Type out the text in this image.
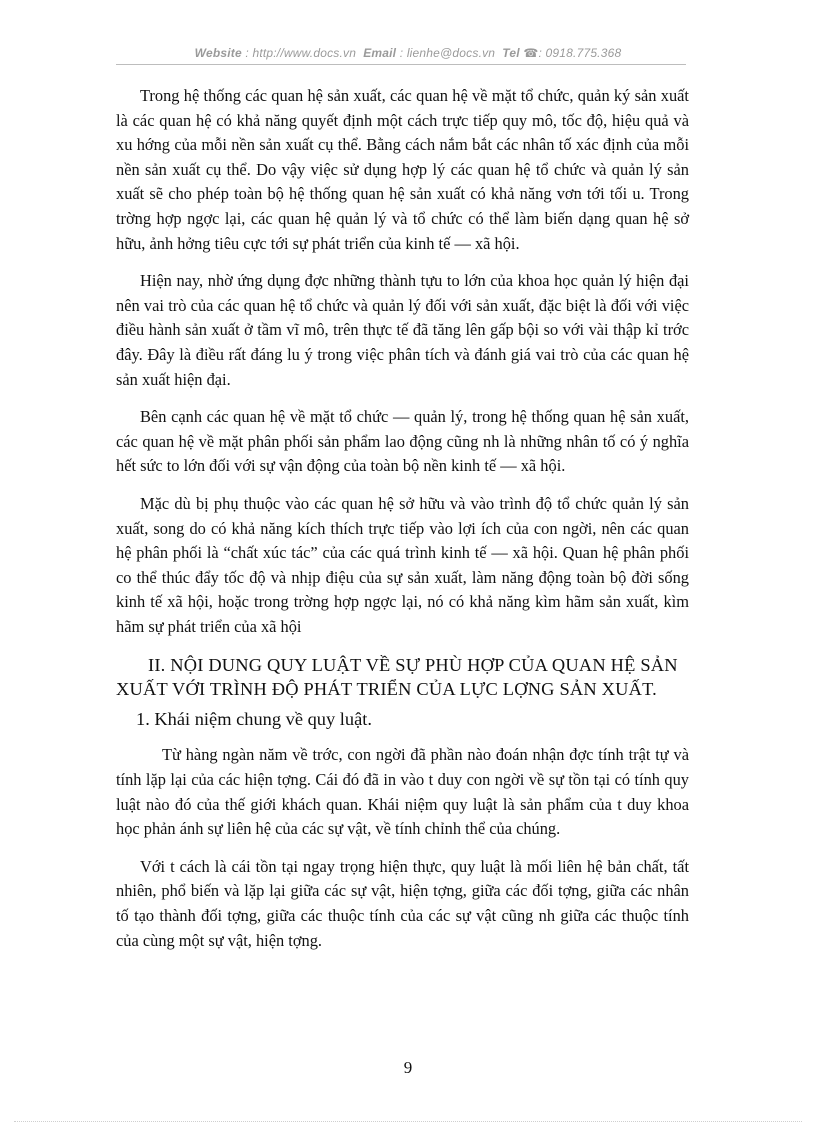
Website : http://www.docs.vn Email : lienhe@docs.vn Tel ☎: 0918.775.368

Trong hệ thống các quan hệ sản xuất, các quan hệ về mặt tổ chức, quản ký sản xuất là các quan hệ có khả năng quyết định một cách trực tiếp quy mô, tốc độ, hiệu quả và xu hớng của mỗi nền sản xuất cụ thể. Bằng cách nắm bắt các nhân tố xác định của mỗi nền sản xuất cụ thể. Do vậy việc sử dụng hợp lý các quan hệ tổ chức và quản lý sản xuất sẽ cho phép toàn bộ hệ thống quan hệ sản xuất có khả năng vơn tới tối u. Trong trờng hợp ngợc lại, các quan hệ quản lý và tổ chức có thể làm biến dạng quan hệ sở hữu, ảnh hởng tiêu cực tới sự phát triển của kinh tế — xã hội.

Hiện nay, nhờ ứng dụng đợc những thành tựu to lớn của khoa học quản lý hiện đại nên vai trò của các quan hệ tổ chức và quản lý đối với sản xuất, đặc biệt là đối với việc điều hành sản xuất ở tầm vĩ mô, trên thực tế đã tăng lên gấp bội so với vài thập kỉ trớc đây. Đây là điều rất đáng lu ý trong việc phân tích và đánh giá vai trò của các quan hệ sản xuất hiện đại.

Bên cạnh các quan hệ về mặt tổ chức — quản lý, trong hệ thống quan hệ sản xuất, các quan hệ về mặt phân phối sản phẩm lao động cũng nh là những nhân tố có ý nghĩa hết sức to lớn đối với sự vận động của toàn bộ nền kinh tế — xã hội.

Mặc dù bị phụ thuộc vào các quan hệ sở hữu và vào trình độ tổ chức quản lý sản xuất, song do có khả năng kích thích trực tiếp vào lợi ích của con ngời, nên các quan hệ phân phối là “chất xúc tác” của các quá trình kinh tế — xã hội. Quan hệ phân phối co thể thúc đẩy tốc độ và nhịp điệu của sự sản xuất, làm năng động toàn bộ đời sống kinh tế xã hội, hoặc trong trờng hợp ngợc lại, nó có khả năng kìm hãm sản xuất, kìm hãm sự phát triển của xã hội

II. NỘI DUNG QUY LUẬT VỀ SỰ PHÙ HỢP CỦA QUAN HỆ SẢN XUẤT VỚI TRÌNH ĐỘ PHÁT TRIỂN CỦA LỰC LỢNG SẢN XUẤT.
1. Khái niệm chung về quy luật.

Từ hàng ngàn năm về trớc, con ngời đã phần nào đoán nhận đợc tính trật tự và tính lặp lại của các hiện tợng. Cái đó đã in vào t duy con ngời về sự tồn tại có tính quy luật nào đó của thế giới khách quan. Khái niệm quy luật là sản phẩm của t duy khoa học phản ánh sự liên hệ của các sự vật, về tính chỉnh thể của chúng.

Với t cách là cái tồn tại ngay trọng hiện thực, quy luật là mối liên hệ bản chất, tất nhiên, phổ biến và lặp lại giữa các sự vật, hiện tợng, giữa các đối tợng, giữa các nhân tố tạo thành đối tợng, giữa các thuộc tính của các sự vật cũng nh giữa các thuộc tính của cùng một sự vật, hiện tợng.

9
